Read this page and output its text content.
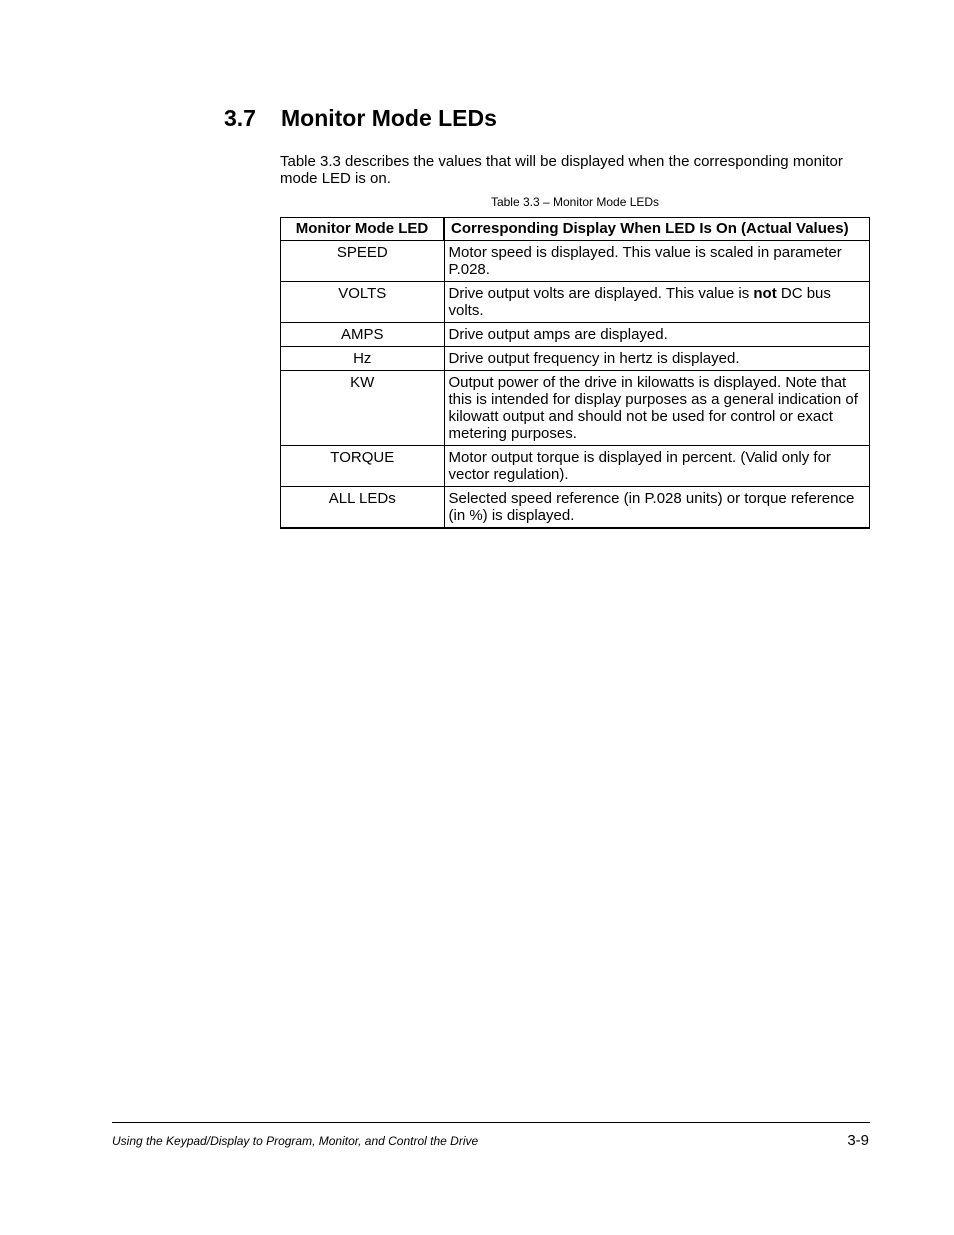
3.7 Monitor Mode LEDs

Table 3.3 describes the values that will be displayed when the corresponding monitor mode LED is on.

Table 3.3 – Monitor Mode LEDs

Monitor Mode LED	Corresponding Display When LED Is On (Actual Values)
SPEED	Motor speed is displayed. This value is scaled in parameter P.028.
VOLTS	Drive output volts are displayed. This value is not DC bus volts.
AMPS	Drive output amps are displayed.
Hz	Drive output frequency in hertz is displayed.
KW	Output power of the drive in kilowatts is displayed. Note that this is intended for display purposes as a general indication of kilowatt output and should not be used for control or exact metering purposes.
TORQUE	Motor output torque is displayed in percent. (Valid only for vector regulation).
ALL LEDs	Selected speed reference (in P.028 units) or torque reference (in %) is displayed.
Using the Keypad/Display to Program, Monitor, and Control the Drive	3-9
